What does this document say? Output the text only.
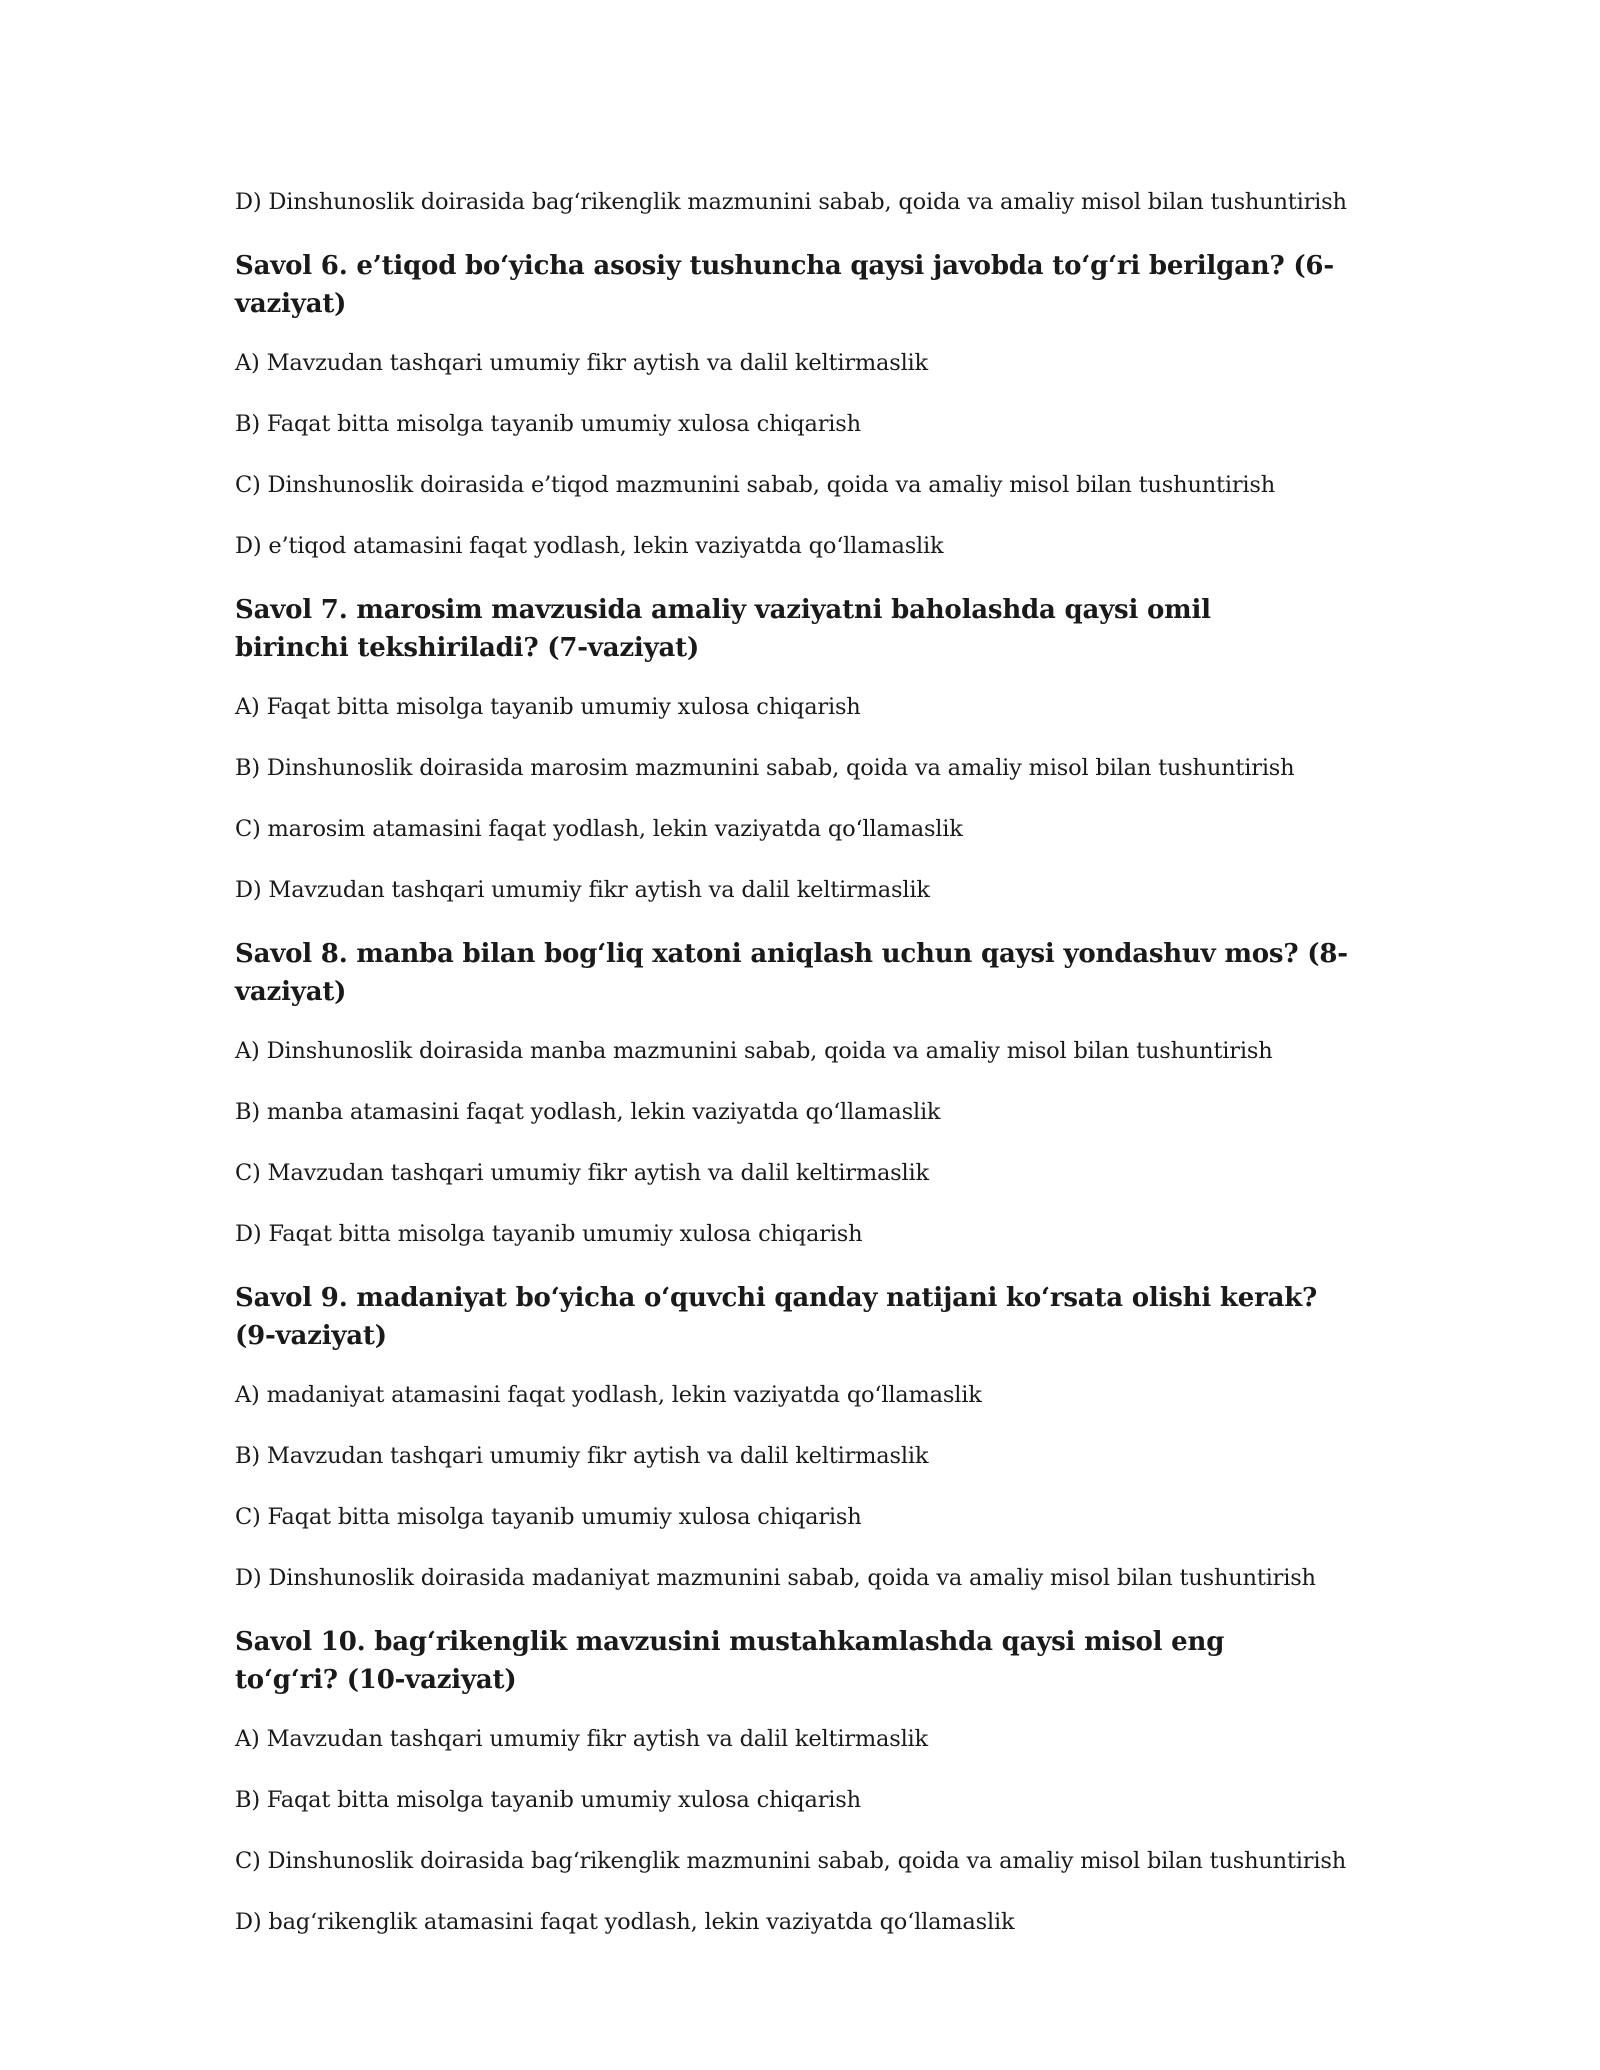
D) Dinshunoslik doirasida bag‘rikenglik mazmunini sabab, qoida va amaliy misol bilan tushuntirish

Savol 6. e’tiqod bo‘yicha asosiy tushuncha qaysi javobda to‘g‘ri berilgan? (6-vaziyat)

A) Mavzudan tashqari umumiy fikr aytish va dalil keltirmaslik

B) Faqat bitta misolga tayanib umumiy xulosa chiqarish

C) Dinshunoslik doirasida e’tiqod mazmunini sabab, qoida va amaliy misol bilan tushuntirish

D) e’tiqod atamasini faqat yodlash, lekin vaziyatda qo‘llamaslik

Savol 7. marosim mavzusida amaliy vaziyatni baholashda qaysi omil birinchi tekshiriladi? (7-vaziyat)

A) Faqat bitta misolga tayanib umumiy xulosa chiqarish

B) Dinshunoslik doirasida marosim mazmunini sabab, qoida va amaliy misol bilan tushuntirish

C) marosim atamasini faqat yodlash, lekin vaziyatda qo‘llamaslik

D) Mavzudan tashqari umumiy fikr aytish va dalil keltirmaslik

Savol 8. manba bilan bog‘liq xatoni aniqlash uchun qaysi yondashuv mos? (8-vaziyat)

A) Dinshunoslik doirasida manba mazmunini sabab, qoida va amaliy misol bilan tushuntirish

B) manba atamasini faqat yodlash, lekin vaziyatda qo‘llamaslik

C) Mavzudan tashqari umumiy fikr aytish va dalil keltirmaslik

D) Faqat bitta misolga tayanib umumiy xulosa chiqarish

Savol 9. madaniyat bo‘yicha o‘quvchi qanday natijani ko‘rsata olishi kerak? (9-vaziyat)

A) madaniyat atamasini faqat yodlash, lekin vaziyatda qo‘llamaslik

B) Mavzudan tashqari umumiy fikr aytish va dalil keltirmaslik

C) Faqat bitta misolga tayanib umumiy xulosa chiqarish

D) Dinshunoslik doirasida madaniyat mazmunini sabab, qoida va amaliy misol bilan tushuntirish

Savol 10. bag‘rikenglik mavzusini mustahkamlashda qaysi misol eng to‘g‘ri? (10-vaziyat)

A) Mavzudan tashqari umumiy fikr aytish va dalil keltirmaslik

B) Faqat bitta misolga tayanib umumiy xulosa chiqarish

C) Dinshunoslik doirasida bag‘rikenglik mazmunini sabab, qoida va amaliy misol bilan tushuntirish

D) bag‘rikenglik atamasini faqat yodlash, lekin vaziyatda qo‘llamaslik
